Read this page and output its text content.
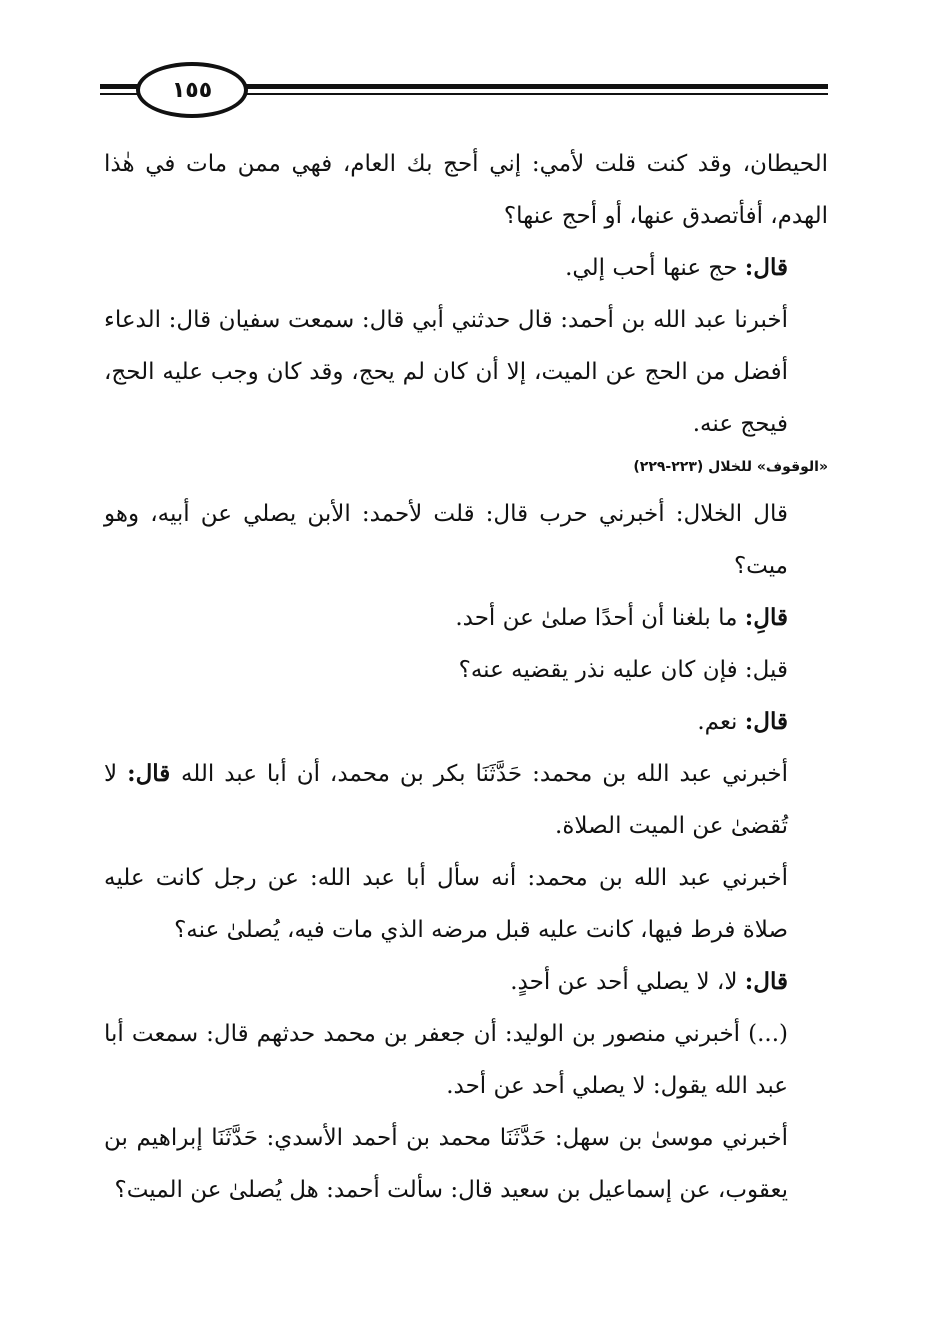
١٥٥

الحيطان، وقد كنت قلت لأمي: إني أحج بك العام، فهي ممن مات في هٰذا الهدم، أفأتصدق عنها، أو أحج عنها؟

قال: حج عنها أحب إلي.

أخبرنا عبد الله بن أحمد: قال حدثني أبي قال: سمعت سفيان قال: الدعاء أفضل من الحج عن الميت، إلا أن كان لم يحج، وقد كان وجب عليه الحج، فيحج عنه.

«الوقوف» للخلال (٢٢٣-٢٢٩)

قال الخلال: أخبرني حرب قال: قلت لأحمد: الأبن يصلي عن أبيه، وهو ميت؟

قالِ: ما بلغنا أن أحدًا صلىٰ عن أحد.

قيل: فإن كان عليه نذر يقضيه عنه؟

قال: نعم.

أخبرني عبد الله بن محمد: حَدَّثَنَا بكر بن محمد، أن أبا عبد الله قال: لا تُقضىٰ عن الميت الصلاة.

أخبرني عبد الله بن محمد: أنه سأل أبا عبد الله: عن رجل كانت عليه صلاة فرط فيها، كانت عليه قبل مرضه الذي مات فيه، يُصلىٰ عنه؟

قال: لا، لا يصلي أحد عن أحدٍ.

(...) أخبرني منصور بن الوليد: أن جعفر بن محمد حدثهم قال: سمعت أبا عبد الله يقول: لا يصلي أحد عن أحد.

أخبرني موسىٰ بن سهل: حَدَّثَنَا محمد بن أحمد الأسدي: حَدَّثَنَا إبراهيم بن يعقوب، عن إسماعيل بن سعيد قال: سألت أحمد: هل يُصلىٰ عن الميت؟
